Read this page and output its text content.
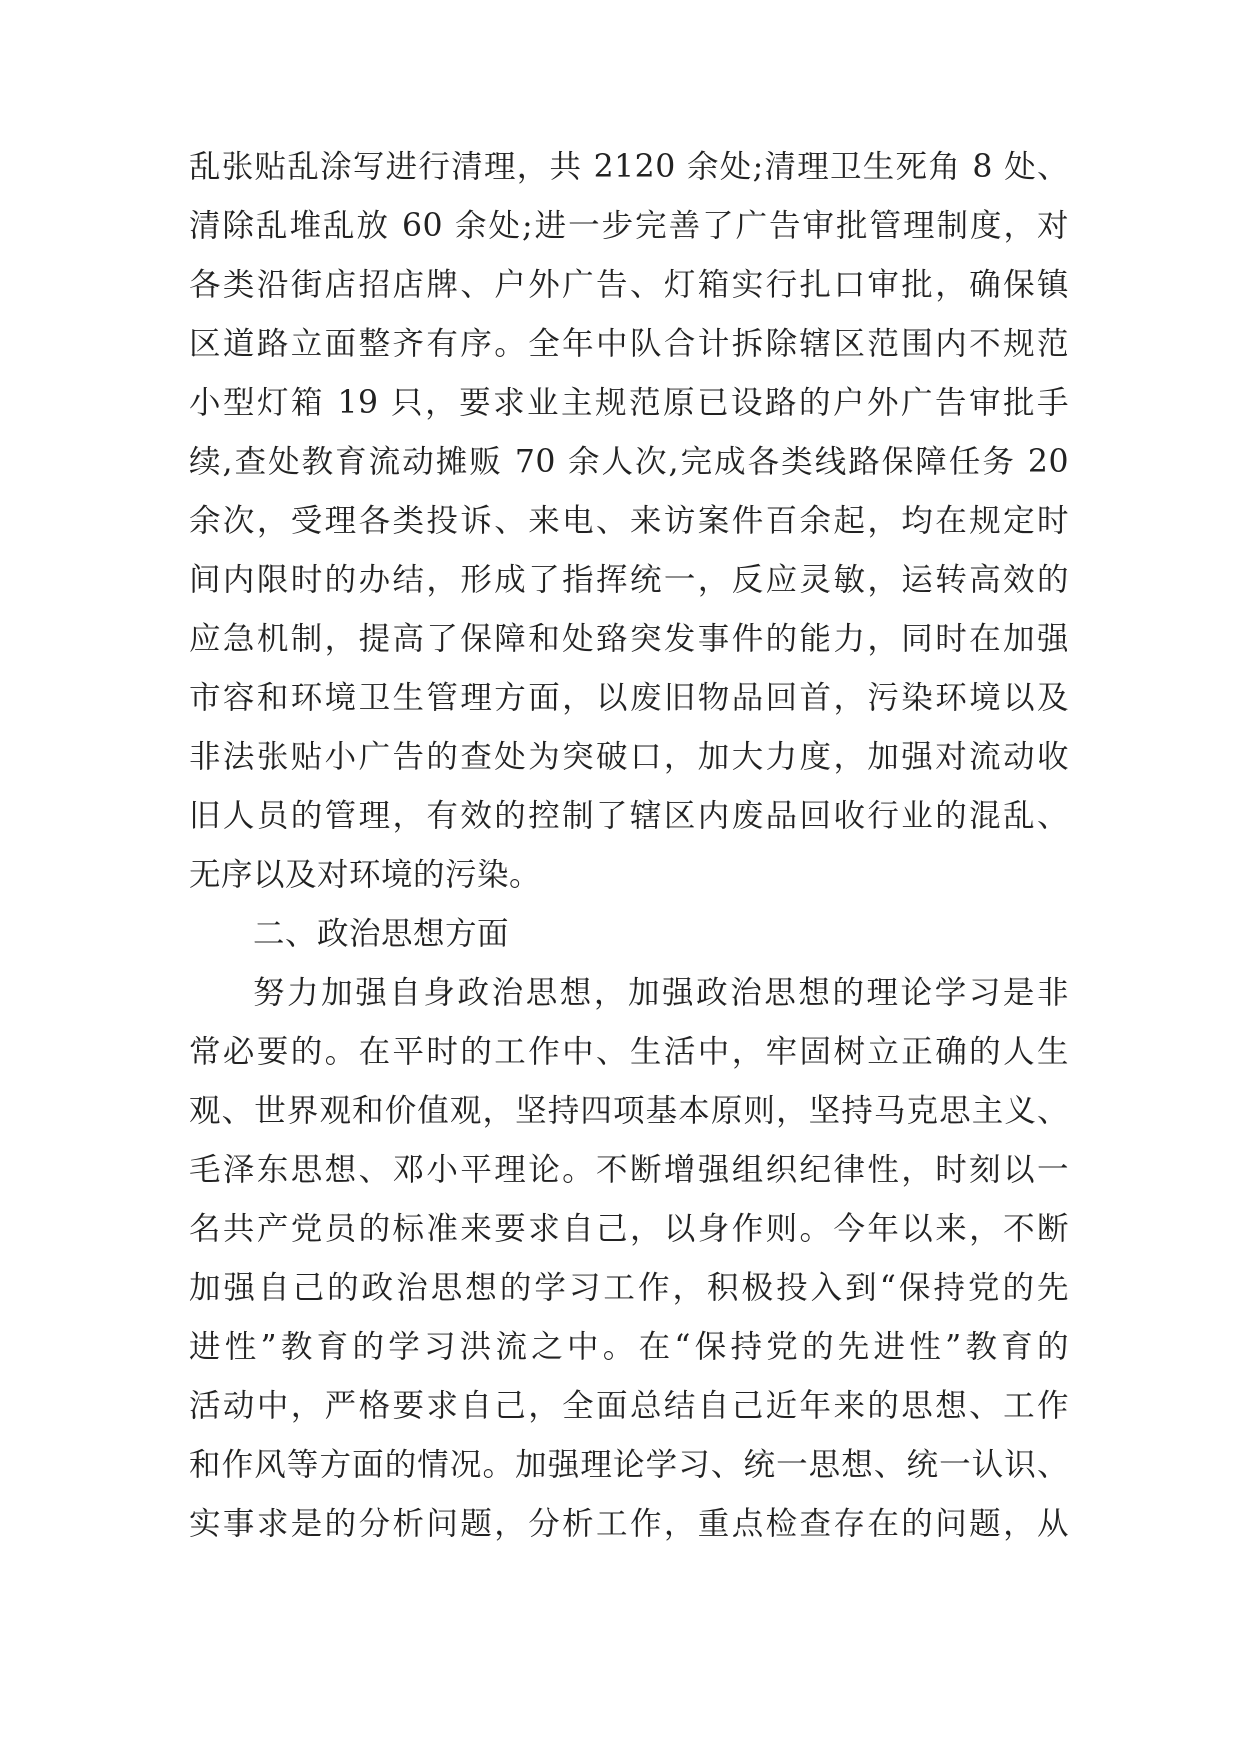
乱张贴乱涂写进行清理，共 2120 余处;清理卫生死角 8 处、
清除乱堆乱放 60 余处;进一步完善了广告审批管理制度，对
各类沿街店招店牌、户外广告、灯箱实行扎口审批，确保镇
区道路立面整齐有序。全年中队合计拆除辖区范围内不规范
小型灯箱 19 只，要求业主规范原已设路的户外广告审批手
续,查处教育流动摊贩 70 余人次,完成各类线路保障任务 20
余次，受理各类投诉、来电、来访案件百余起，均在规定时
间内限时的办结，形成了指挥统一，反应灵敏，运转高效的
应急机制，提高了保障和处臵突发事件的能力，同时在加强
市容和环境卫生管理方面，以废旧物品回首，污染环境以及
非法张贴小广告的查处为突破口，加大力度，加强对流动收
旧人员的管理，有效的控制了辖区内废品回收行业的混乱、
无序以及对环境的污染。
二、政治思想方面
努力加强自身政治思想，加强政治思想的理论学习是非
常必要的。在平时的工作中、生活中，牢固树立正确的人生
观、世界观和价值观，坚持四项基本原则，坚持马克思主义、
毛泽东思想、邓小平理论。不断增强组织纪律性，时刻以一
名共产党员的标准来要求自己，以身作则。今年以来，不断
加强自己的政治思想的学习工作，积极投入到“保持党的先
进性”教育的学习洪流之中。在“保持党的先进性”教育的
活动中，严格要求自己，全面总结自己近年来的思想、工作
和作风等方面的情况。加强理论学习、统一思想、统一认识、
实事求是的分析问题，分析工作，重点检查存在的问题，从
